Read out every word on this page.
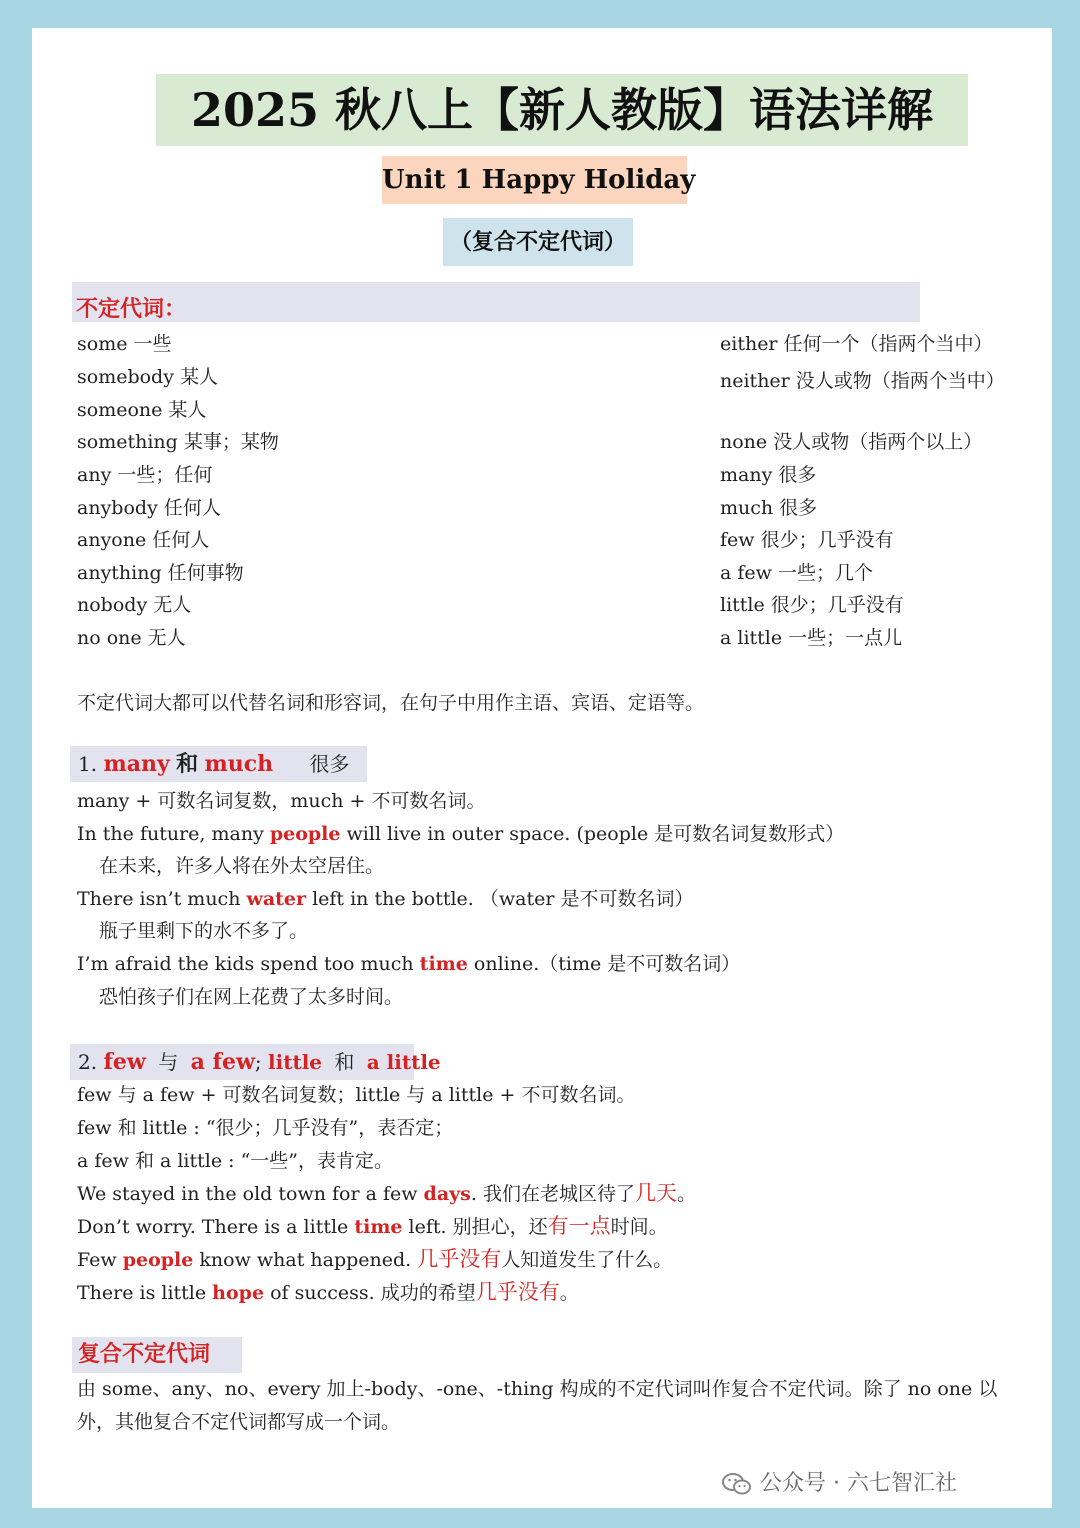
2025 秋八上【新人教版】语法详解
Unit 1 Happy Holiday
（复合不定代词）
不定代词：
some 一些
somebody 某人
someone 某人
something 某事；某物
any 一些；任何
anybody 任何人
anyone 任何人
anything 任何事物
nobody 无人
no one 无人
either 任何一个（指两个当中）
neither 没人或物（指两个当中）
none 没人或物（指两个以上）
many 很多
much 很多
few 很少；几乎没有
a few 一些；几个
little 很少；几乎没有
a little 一些；一点儿
不定代词大都可以代替名词和形容词，在句子中用作主语、宾语、定语等。
1. many 和 much 很多
many + 可数名词复数，much + 不可数名词。
In the future, many people will live in outer space. (people 是可数名词复数形式）
在未来，许多人将在外太空居住。
There isn’t much water left in the bottle. （water 是不可数名词）
瓶子里剩下的水不多了。
I’m afraid the kids spend too much time online.（time 是不可数名词）
恐怕孩子们在网上花费了太多时间。
2. few 与 a few; little 和 a little
few 与 a few + 可数名词复数；little 与 a little + 不可数名词。
few 和 little : “很少；几乎没有”，表否定；
a few 和 a little : “一些”，表肯定。
We stayed in the old town for a few days. 我们在老城区待了几天。
Don’t worry. There is a little time left. 别担心，还有一点时间。
Few people know what happened. 几乎没有人知道发生了什么。
There is little hope of success. 成功的希望几乎没有。
复合不定代词
由 some、any、no、every 加上-body、-one、-thing 构成的不定代词叫作复合不定代词。除了 no one 以外，其他复合不定代词都写成一个词。
公众号 · 六七智汇社
